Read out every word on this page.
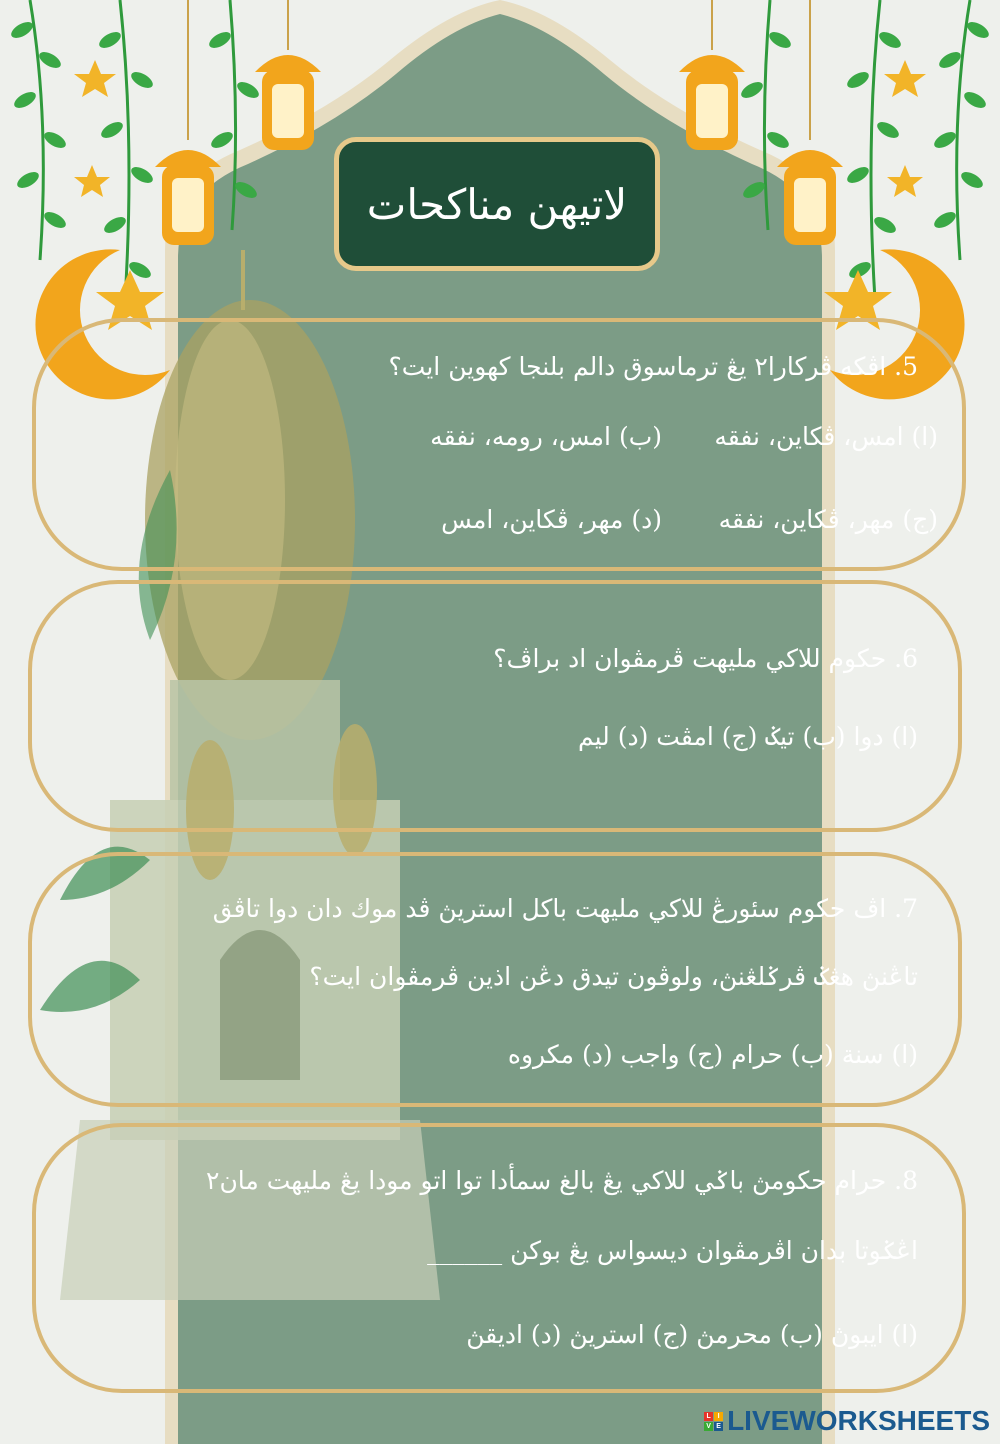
لاتيهن مناكحات
5. اڤكه ڤركارا٢ يڠ ترماسوق دالم بلنجا كهوين ايت؟
(ا) امس، ڤكاين، نفقه
(ب) امس، رومه، نفقه
(ج) مهر، ڤكاين، نفقه
(د) مهر، ڤكاين، امس
6. حكوم للاكي مليهت ڤرمڤوان اد براڤ؟
(ا) دوا (ب) تيݢ (ج) امڤت (د) ليم
7. اڤ حكوم سئورڠ للاكي مليهت باکل استريڽ ڤد موك دان دوا تاڤق
تاڠنڽ هڠݢ ڤرݢلڠنڽ، ولوڤون تيدق دڠن اذين ڤرمڤوان ايت؟
(ا) سنة (ب) حرام (ج) واجب (د) مكروه
8. حرام حكومڽ باݢي للاكي يڠ بالغ سمأدا توا اتو مودا يڠ مليهت مان٢
اڠݢوتا بدان اڤرمڤوان ديسواس يڠ بوكن ______
(ا) ايبوڽ (ب) محرمڽ (ج) استريڽ (د) اديقڽ
L I
V E LIVEWORKSHEETS
